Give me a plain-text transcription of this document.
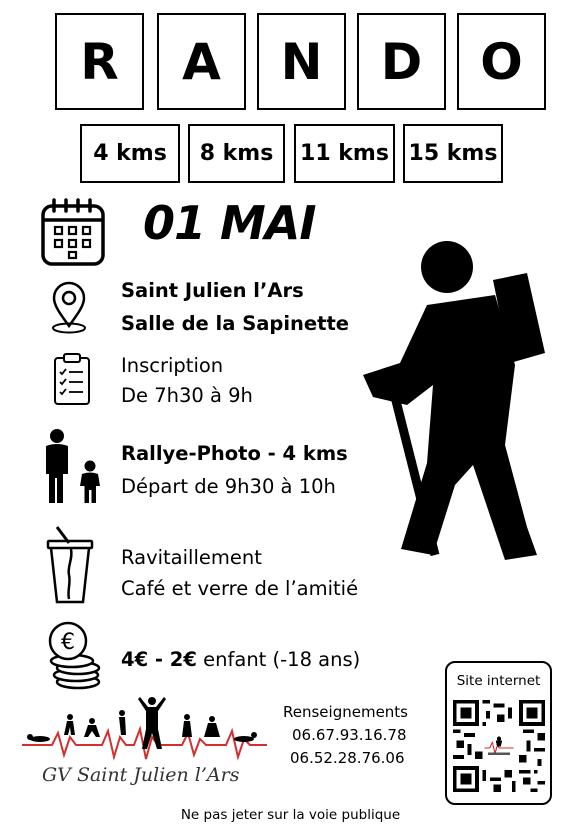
R	A	N	D	O
4 kms	8 kms	11 kms 15 kms
01 MAI
Saint Julien l’Ars
Salle de la Sapinette
Inscription
De 7h30 à 9h
Rallye-Photo - 4 kms
Départ de 9h30 à 10h
Ravitaillement
Café et verre de l’amitié
€
4€ - 2€ enfant (-18 ans)
GV Saint Julien l’Ars
Renseignements
06.67.93.16.78
06.52.28.76.06
Site internet
Ne pas jeter sur la voie publique
